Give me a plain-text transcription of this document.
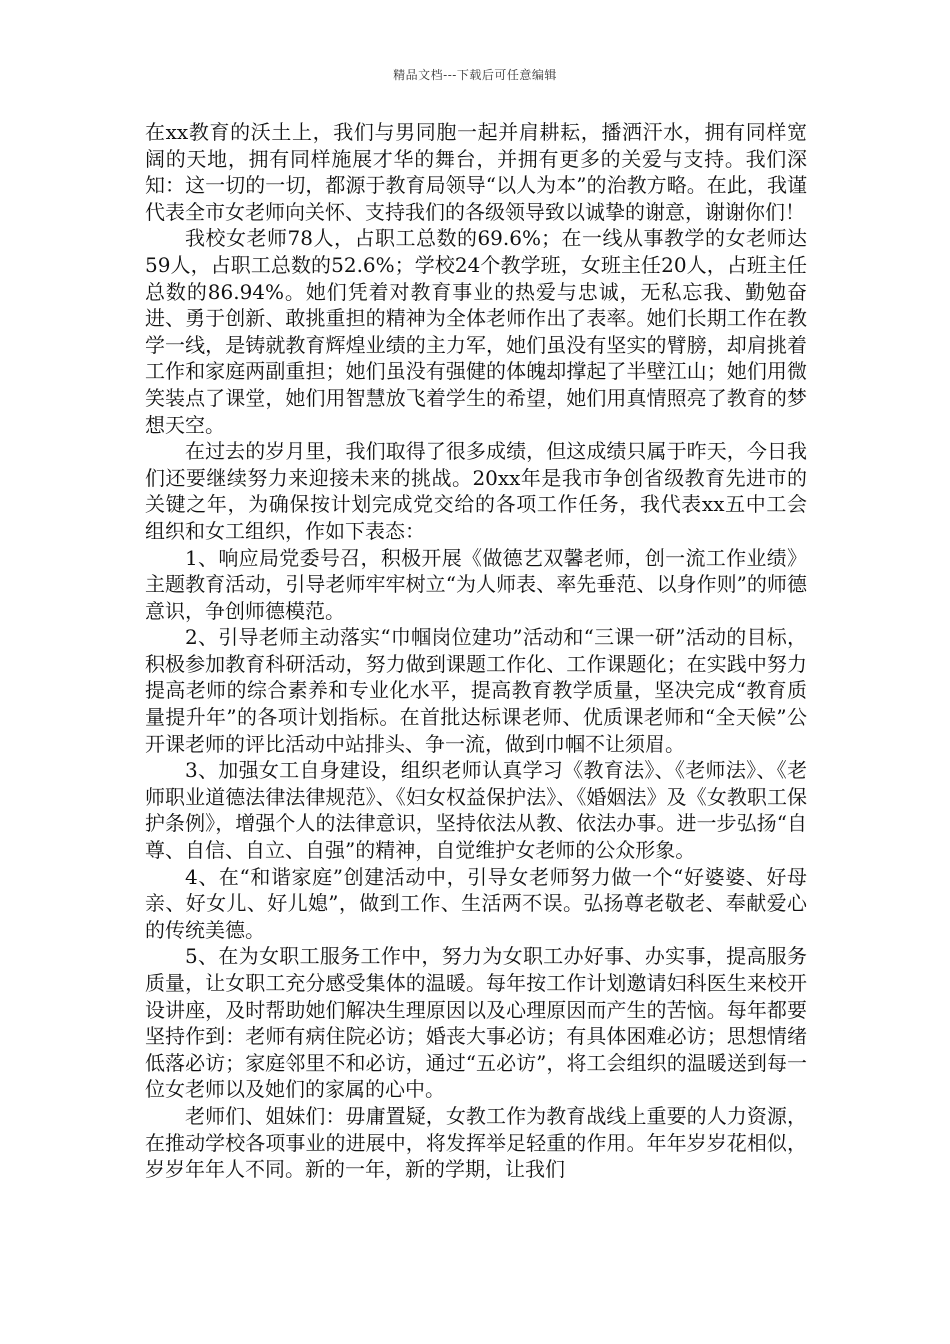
精品文档---下载后可任意编辑

在xx教育的沃土上，我们与男同胞一起并肩耕耘，播洒汗水，拥有同样宽阔的天地，拥有同样施展才华的舞台，并拥有更多的关爱与支持。我们深知：这一切的一切，都源于教育局领导“以人为本”的治教方略。在此，我谨代表全市女老师向关怀、支持我们的各级领导致以诚挚的谢意，谢谢你们！

我校女老师78人，占职工总数的69.6%；在一线从事教学的女老师达59人，占职工总数的52.6%；学校24个教学班，女班主任20人，占班主任总数的86.94%。她们凭着对教育事业的热爱与忠诚，无私忘我、勤勉奋进、勇于创新、敢挑重担的精神为全体老师作出了表率。她们长期工作在教学一线，是铸就教育辉煌业绩的主力军，她们虽没有坚实的臂膀，却肩挑着工作和家庭两副重担；她们虽没有强健的体魄却撑起了半壁江山；她们用微笑装点了课堂，她们用智慧放飞着学生的希望，她们用真情照亮了教育的梦想天空。

在过去的岁月里，我们取得了很多成绩，但这成绩只属于昨天，今日我们还要继续努力来迎接未来的挑战。20xx年是我市争创省级教育先进市的关键之年，为确保按计划完成党交给的各项工作任务，我代表xx五中工会组织和女工组织，作如下表态：

1、响应局党委号召，积极开展《做德艺双馨老师，创一流工作业绩》主题教育活动，引导老师牢牢树立“为人师表、率先垂范、以身作则”的师德意识，争创师德模范。

2、引导老师主动落实“巾帼岗位建功”活动和“三课一研”活动的目标，积极参加教育科研活动，努力做到课题工作化、工作课题化；在实践中努力提高老师的综合素养和专业化水平，提高教育教学质量，坚决完成“教育质量提升年”的各项计划指标。在首批达标课老师、优质课老师和“全天候”公开课老师的评比活动中站排头、争一流，做到巾帼不让须眉。

3、加强女工自身建设，组织老师认真学习《教育法》、《老师法》、《老师职业道德法律法律规范》、《妇女权益保护法》、《婚姻法》及《女教职工保护条例》，增强个人的法律意识，坚持依法从教、依法办事。进一步弘扬“自尊、自信、自立、自强”的精神，自觉维护女老师的公众形象。

4、在“和谐家庭”创建活动中，引导女老师努力做一个“好婆婆、好母亲、好女儿、好儿媳”，做到工作、生活两不误。弘扬尊老敬老、奉献爱心的传统美德。

5、在为女职工服务工作中，努力为女职工办好事、办实事，提高服务质量，让女职工充分感受集体的温暖。每年按工作计划邀请妇科医生来校开设讲座，及时帮助她们解决生理原因以及心理原因而产生的苦恼。每年都要坚持作到：老师有病住院必访；婚丧大事必访；有具体困难必访；思想情绪低落必访；家庭邻里不和必访，通过“五必访”，将工会组织的温暖送到每一位女老师以及她们的家属的心中。

老师们、姐妹们：毋庸置疑，女教工作为教育战线上重要的人力资源，在推动学校各项事业的进展中，将发挥举足轻重的作用。年年岁岁花相似，岁岁年年人不同。新的一年，新的学期，让我们
